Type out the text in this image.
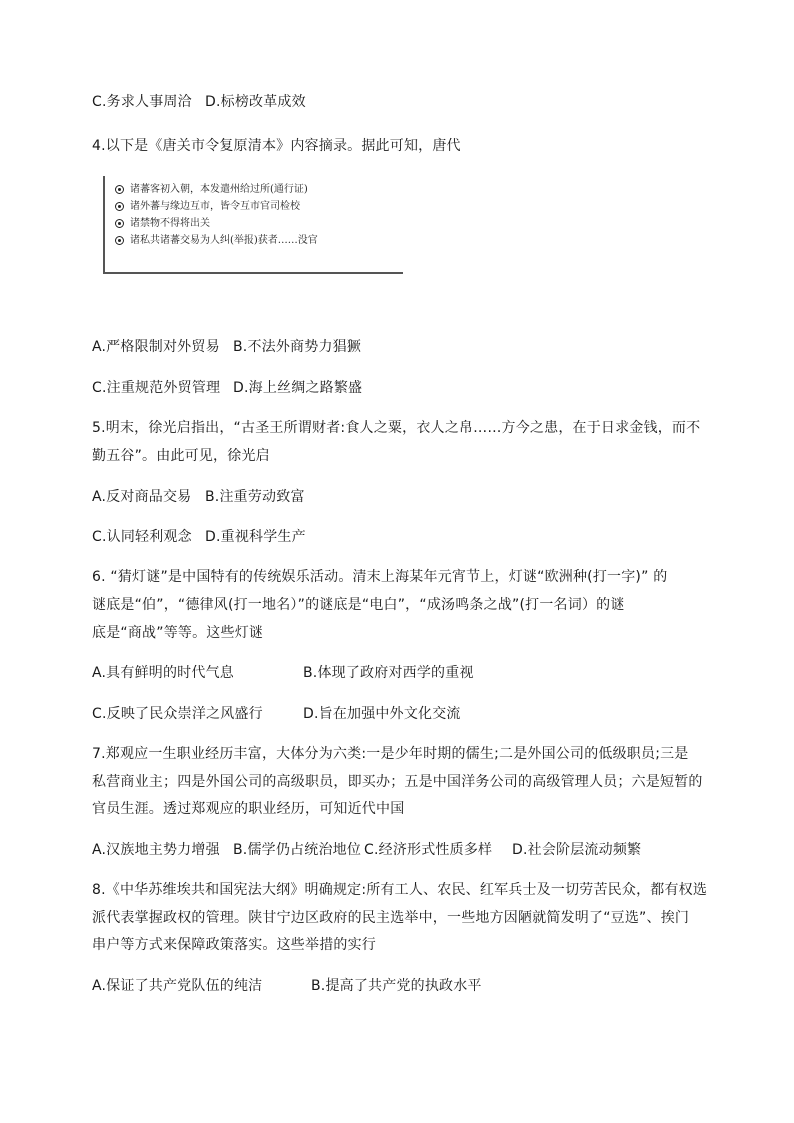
C.务求人事周洽 D.标榜改革成效
4.以下是《唐关市令复原清本》内容摘录。据此可知，唐代
诸蕃客初入朝，本发遣州给过所(通行证)
诸外蕃与缘边互市，皆令互市官司检校
诸禁物不得将出关
诸私共诸蕃交易为人纠(举报)获者……没官
A.严格限制对外贸易 B.不法外商势力猖獗
C.注重规范外贸管理 D.海上丝绸之路繁盛
5.明末，徐光启指出，“古圣王所谓财者:食人之粟，衣人之帛……方今之患，在于日求金钱，而不
勤五谷”。由此可见，徐光启
A.反对商品交易 B.注重劳动致富
C.认同轻利观念 D.重视科学生产
6. “猜灯谜”是中国特有的传统娱乐活动。清末上海某年元宵节上，灯谜“欧洲种(打一字)” 的
谜底是“伯”，“德律风(打一地名）”的谜底是“电白”，“成汤鸣条之战”(打一名词）的谜
底是“商战”等等。这些灯谜
A.具有鲜明的时代气息	B.体现了政府对西学的重视
C.反映了民众崇洋之风盛行	D.旨在加强中外文化交流
7.郑观应一生职业经历丰富，大体分为六类:一是少年时期的儒生;二是外国公司的低级职员;三是
私营商业主；四是外国公司的高级职员，即买办；五是中国洋务公司的高级管理人员；六是短暂的
官员生涯。透过郑观应的职业经历，可知近代中国
A.汉族地主势力增强 B.儒学仍占统治地位 C.经济形式性质多样	D.社会阶层流动频繁
8.《中华苏维埃共和国宪法大纲》明确规定:所有工人、农民、红军兵士及一切劳苦民众，都有权选
派代表掌握政权的管理。陕甘宁边区政府的民主选举中，一些地方因陋就简发明了“豆选”、挨门
串户等方式来保障政策落实。这些举措的实行
A.保证了共产党队伍的纯洁	B.提高了共产党的执政水平
